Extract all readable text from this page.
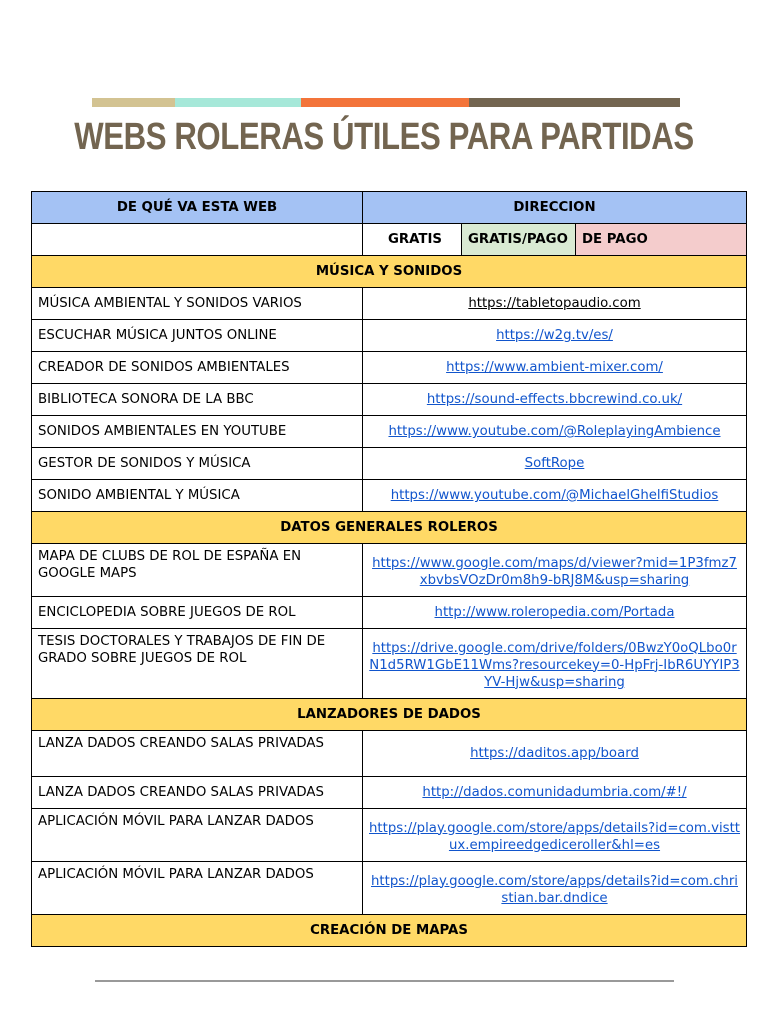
WEBS ROLERAS ÚTILES PARA PARTIDAS
DE QUÉ VA ESTA WEB	DIRECCION		
	GRATIS	GRATIS/PAGO	DE PAGO
MÚSICA Y SONIDOS			
MÚSICA AMBIENTAL Y SONIDOS VARIOS	https://tabletopaudio.com		
ESCUCHAR MÚSICA JUNTOS ONLINE	https://w2g.tv/es/		
CREADOR DE SONIDOS AMBIENTALES	https://www.ambient-mixer.com/		
BIBLIOTECA SONORA DE LA BBC	https://sound-effects.bbcrewind.co.uk/		
SONIDOS AMBIENTALES EN YOUTUBE	https://www.youtube.com/@RoleplayingAmbience		
GESTOR DE SONIDOS Y MÚSICA	SoftRope		
SONIDO AMBIENTAL Y MÚSICA	https://www.youtube.com/@MichaelGhelfiStudios		
DATOS GENERALES ROLEROS			
MAPA DE CLUBS DE ROL DE ESPAÑA EN GOOGLE MAPS	https://www.google.com/maps/d/viewer?mid=1P3fmz7xbvbsVOzDr0m8h9-bRJ8M&usp=sharing		
ENCICLOPEDIA SOBRE JUEGOS DE ROL	http://www.roleropedia.com/Portada		
TESIS DOCTORALES Y TRABAJOS DE FIN DE GRADO SOBRE JUEGOS DE ROL	https://drive.google.com/drive/folders/0BwzY0oQLbo0rN1d5RW1GbE11Wms?resourcekey=0-HpFrj-IbR6UYYIP3YV-Hjw&usp=sharing		
LANZADORES DE DADOS			
LANZA DADOS CREANDO SALAS PRIVADAS	https://daditos.app/board		
LANZA DADOS CREANDO SALAS PRIVADAS	http://dados.comunidadumbria.com/#!/		
APLICACIÓN MÓVIL PARA LANZAR DADOS	https://play.google.com/store/apps/details?id=com.visttux.empireedgediceroller&hl=es		
APLICACIÓN MÓVIL PARA LANZAR DADOS	https://play.google.com/store/apps/details?id=com.christian.bar.dndice		
CREACIÓN DE MAPAS			
